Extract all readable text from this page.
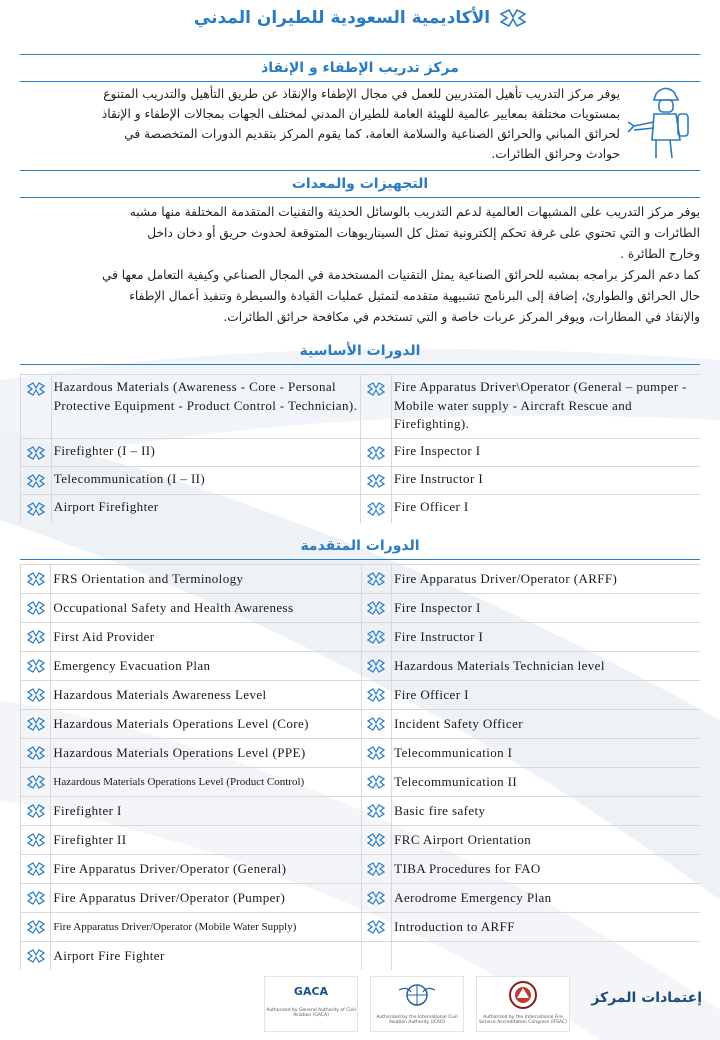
الأكاديمية السعودية للطيران المدني
مركز تدريب الإطفاء و الإنقاذ
يوفر مركز التدريب تأهيل المتدربين للعمل في مجال الإطفاء والإنقاذ عن طريق التأهيل والتدريب المتنوع
بمستويات مختلفة بمعايير عالمية للهيئة العامة للطيران المدني لمختلف الجهات بمجالات الإطفاء و الإنقاذ
لحرائق المباني والحرائق الصناعية والسلامة العامة، كما يقوم المركز بتقديم الدورات المتخصصة في
حوادث وحرائق الطائرات.
التجهيزات والمعدات
يوفر مركز التدريب على المشبهات العالمية لدعم التدريب بالوسائل الحديثة والتقنيات المتقدمة المختلفة منها مشبه
الطائرات و التي تحتوي على غرفة تحكم إلكترونية تمثل كل السيناريوهات المتوقعة لحدوث حريق أو دخان داخل
وخارج الطائرة .
كما دعم المركز برامجه بمشبه للحرائق الصناعية يمثل التقنيات المستخدمة في المجال الصناعي وكيفية التعامل معها في
حال الحرائق والطوارئ، إضافة إلى البرنامج تشبيهية متقدمه لتمثيل عمليات القيادة والسيطرة وتنفيذ أعمال الإطفاء
والإنقاذ في المطارات، ويوفر المركز عربات خاصة و التي تستخدم في مكافحة حرائق الطائرات.
الدورات الأساسية
	Hazardous Materials (Awareness - Core - Personal Protective Equipment - Product Control - Technician).		Fire Apparatus Driver\Operator (General – pumper - Mobile water supply - Aircraft Rescue and Firefighting).
	Firefighter (I – II)		Fire Inspector I
	Telecommunication (I – II)		Fire Instructor I
	Airport Firefighter		Fire Officer I
الدورات المتقدمة
	FRS Orientation and Terminology		Fire Apparatus Driver/Operator (ARFF)
	Occupational Safety and Health Awareness		Fire Inspector I
	First Aid Provider		Fire Instructor I
	Emergency Evacuation Plan		Hazardous Materials Technician level
	Hazardous Materials Awareness Level		Fire Officer I
	Hazardous Materials Operations Level (Core)		Incident Safety Officer
	Hazardous Materials Operations Level (PPE)		Telecommunication I
	Hazardous Materials Operations Level (Product Control)		Telecommunication II
	Firefighter I		Basic fire safety
	Firefighter II		FRC Airport Orientation
	Fire Apparatus Driver/Operator (General)		TIBA Procedures for FAO
	Fire Apparatus Driver/Operator (Pumper)		Aerodrome Emergency Plan
	Fire Apparatus Driver/Operator (Mobile Water Supply)		Introduction to ARFF
	Airport Fire Fighter		
إعتمادات المركز
Authorized by the International Fire Service Accreditation Congress (IFSAC)
Authorized by the International Civil Aviation Authority (ICAO)
GACA
Authorized by General Authority of Civil Aviation (GACA)
